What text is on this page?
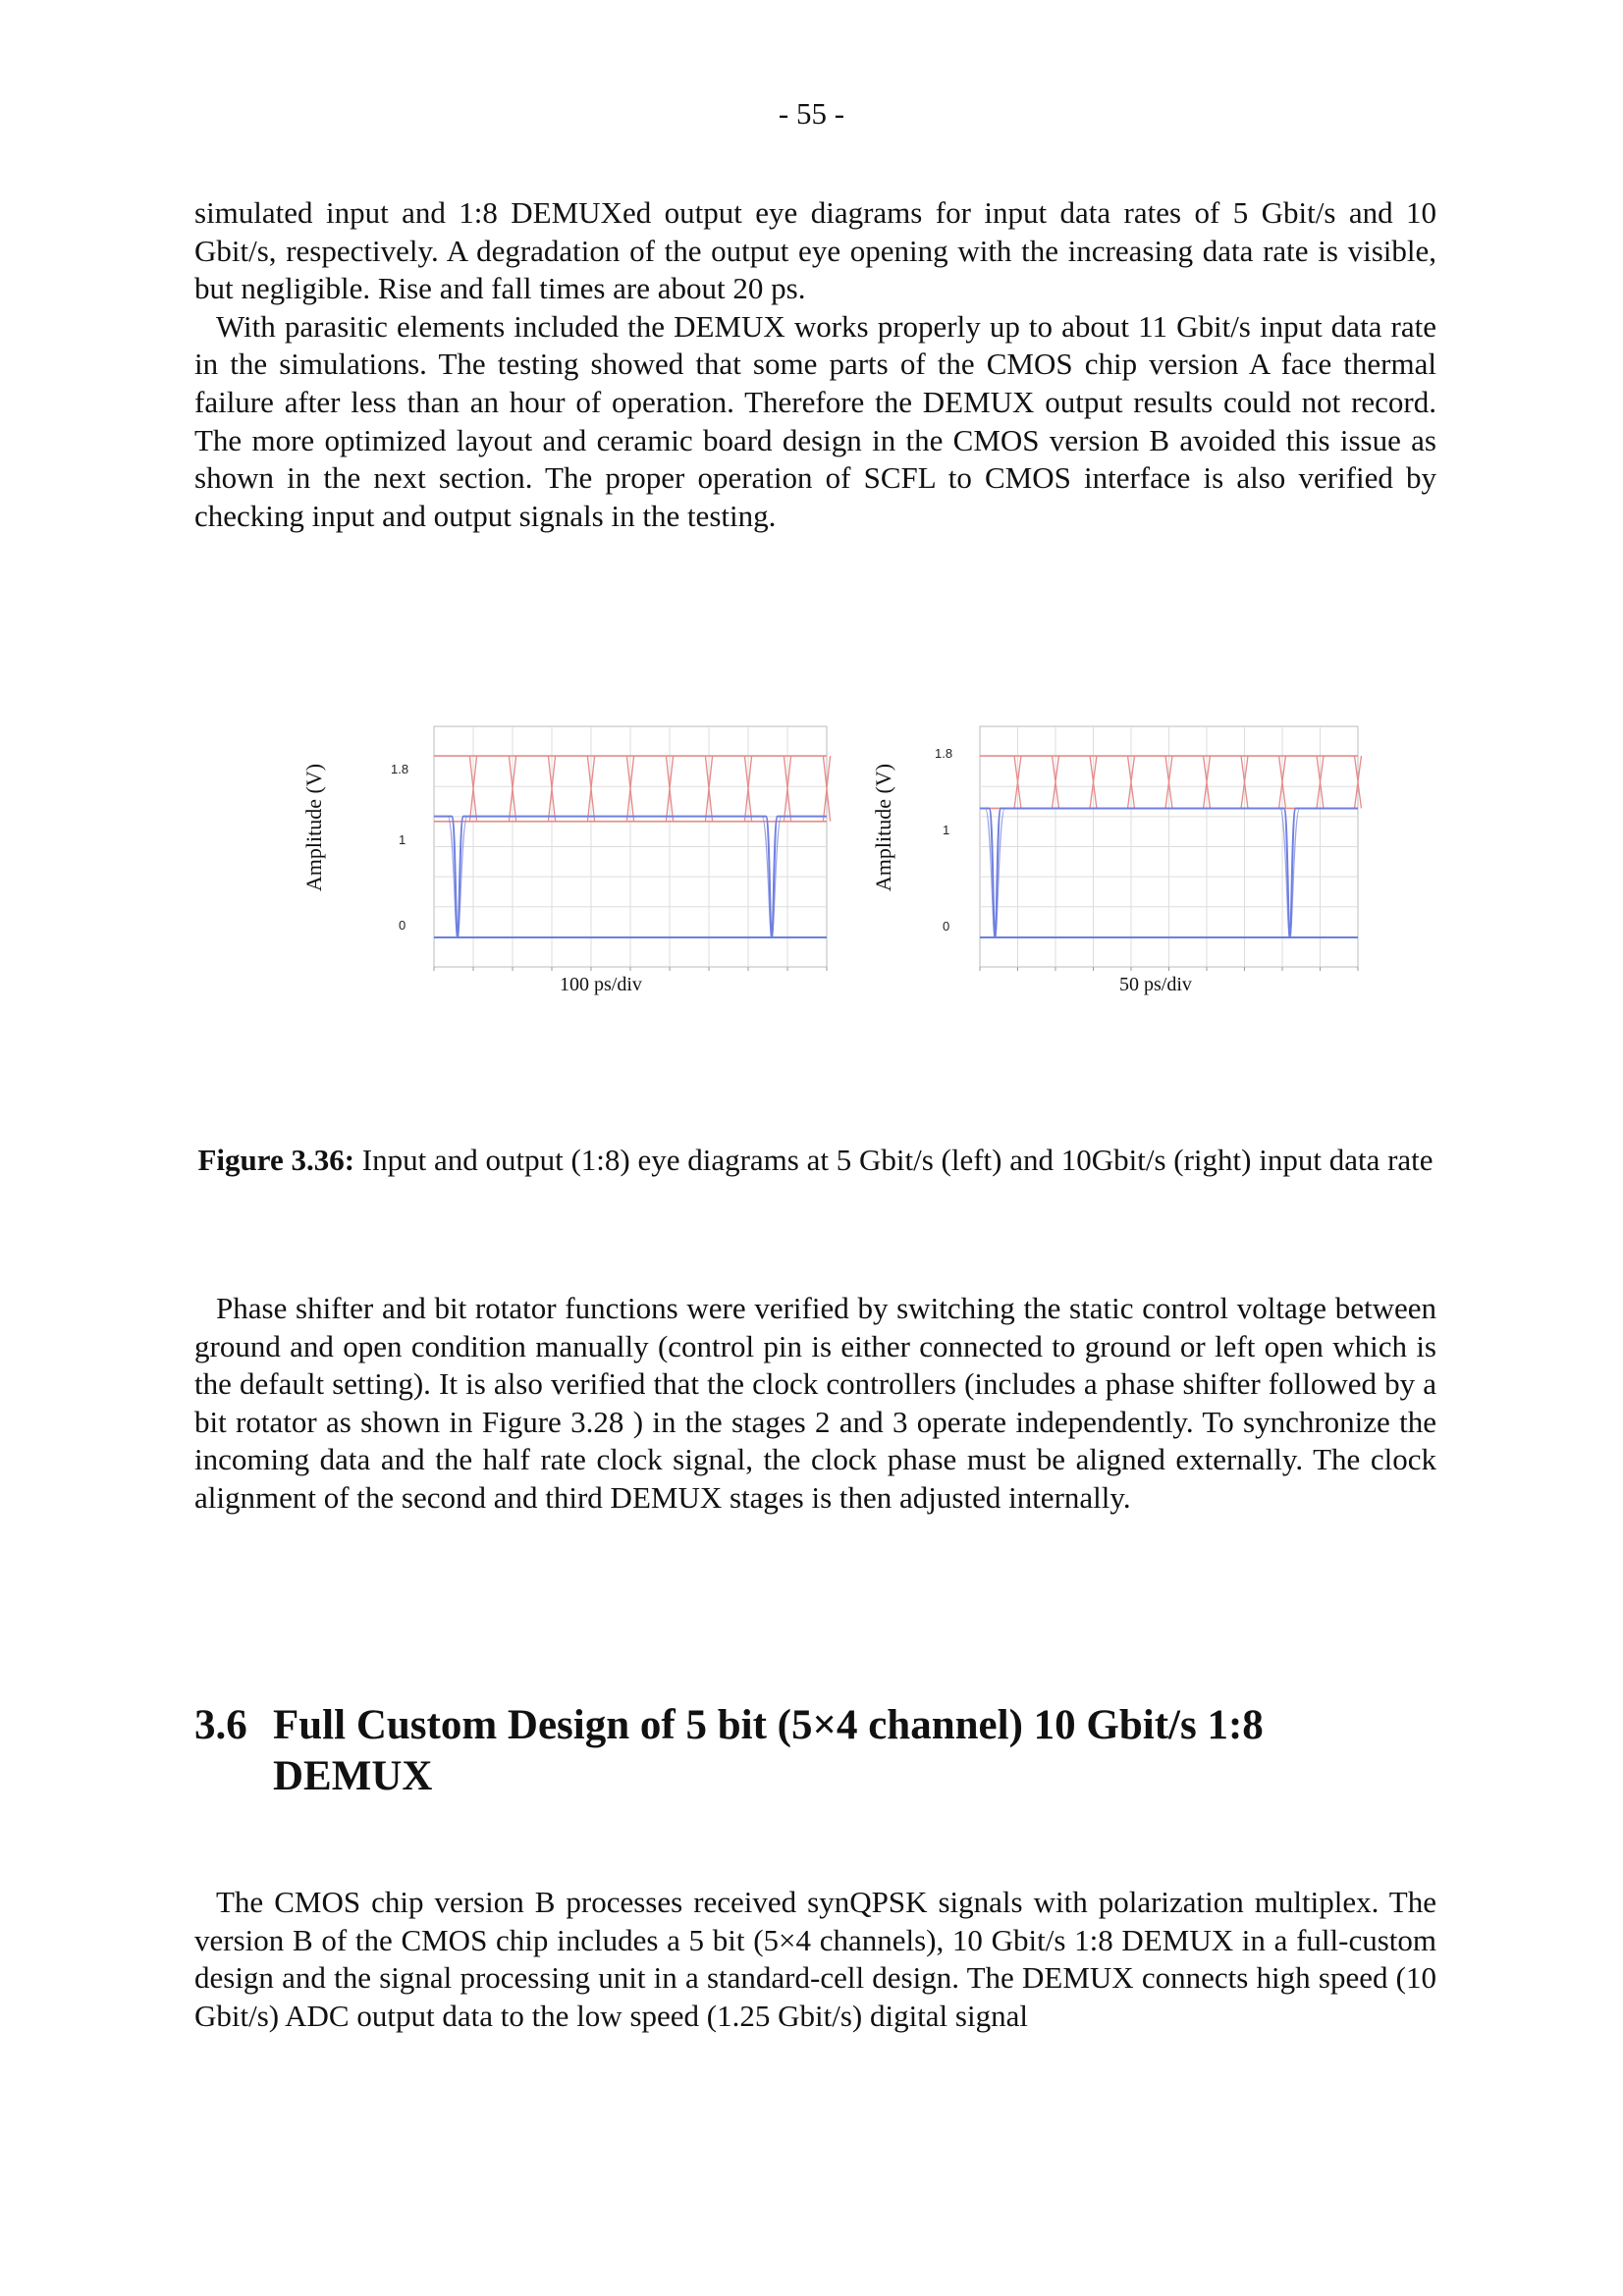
- 55 -

simulated input and 1:8 DEMUXed output eye diagrams for input data rates of 5 Gbit/s and 10 Gbit/s, respectively. A degradation of the output eye opening with the increasing data rate is visible, but negligible. Rise and fall times are about 20 ps.
With parasitic elements included the DEMUX works properly up to about 11 Gbit/s input data rate in the simulations. The testing showed that some parts of the CMOS chip version A face thermal failure after less than an hour of operation. Therefore the DEMUX output results could not record. The more optimized layout and ceramic board design in the CMOS version B avoided this issue as shown in the next section. The proper operation of SCFL to CMOS interface is also verified by checking input and output signals in the testing.

Amplitude (V)	1.8
1
0
100 ps/div
Amplitude (V)
1.8
1
0
50 ps/div
Figure 3.36: Input and output (1:8) eye diagrams at 5 Gbit/s (left) and 10Gbit/s (right) input data rate

Phase shifter and bit rotator functions were verified by switching the static control voltage between ground and open condition manually (control pin is either connected to ground or left open which is the default setting). It is also verified that the clock controllers (includes a phase shifter followed by a bit rotator as shown in Figure 3.28 ) in the stages 2 and 3 operate independently. To synchronize the incoming data and the half rate clock signal, the clock phase must be aligned externally. The clock alignment of the second and third DEMUX stages is then adjusted internally.

3.6 Full Custom Design of 5 bit (5×4 channel) 10 Gbit/s 1:8
DEMUX

The CMOS chip version B processes received synQPSK signals with polarization multiplex. The version B of the CMOS chip includes a 5 bit (5×4 channels), 10 Gbit/s 1:8 DEMUX in a full-custom design and the signal processing unit in a standard-cell design. The DEMUX connects high speed (10 Gbit/s) ADC output data to the low speed (1.25 Gbit/s) digital signal
